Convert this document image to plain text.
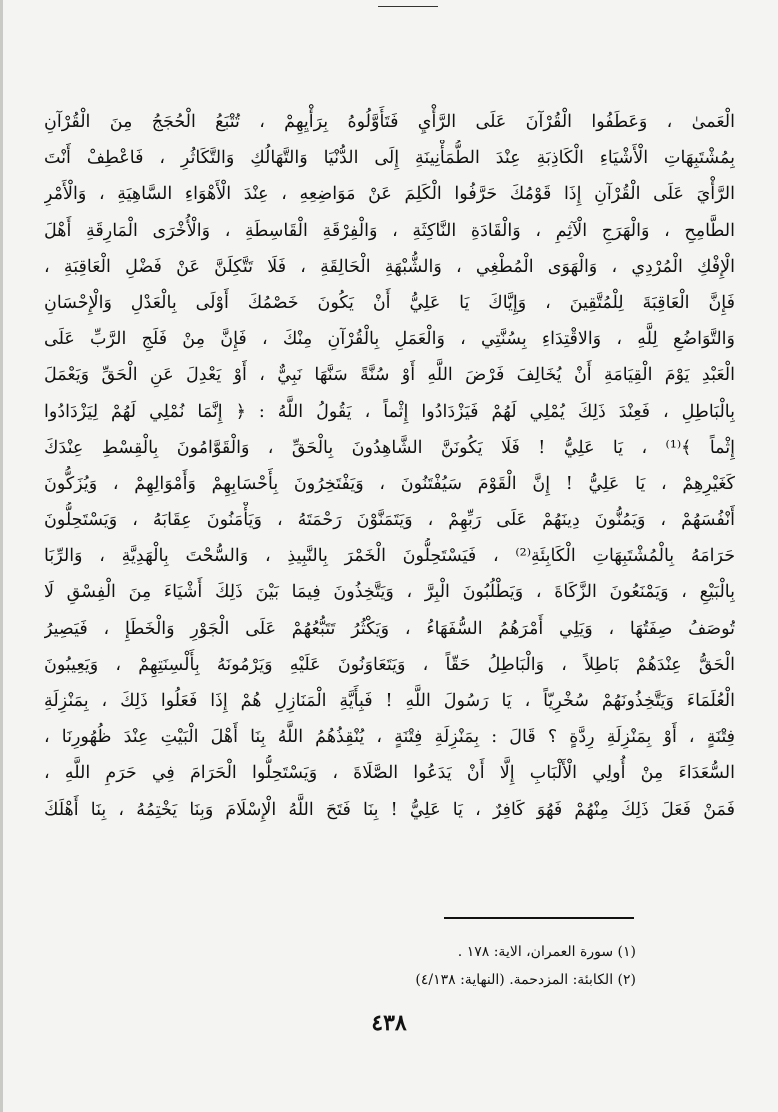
الْعَمىٰ ، وَعَطَفُوا الْقُرْآنَ عَلَى الرَّأْيِ فَتَأَوَّلُوهُ بِرَأْيِهِمْ ، تُتْبَعُ الْحُجَجُ مِنَ الْقُرْآنِ
بِمُشْتَبِهَاتِ الْأَشْيَاءِ الْكَاذِبَةِ عِنْدَ الطُّمَأْنِينَةِ إِلَى الدُّنْيَا وَالتَّهَالُكِ وَالتَّكَاثُرِ ، فَاعْطِفْ أَنْتَ
الرَّأْيَ عَلَى الْقُرْآنِ إِذَا قَوْمُكَ حَرَّفُوا الْكَلِمَ عَنْ مَوَاضِعِهِ ، عِنْدَ الْأَهْوَاءِ السَّاهِيَةِ ، وَالْأَمْرِ
الطَّامِحِ ، وَالْهَرَجِ الْآثِمِ ، وَالْقَادَةِ النَّاكِثَةِ ، وَالْفِرْقَةِ الْقَاسِطَةِ ، وَالْأُخْرَى الْمَارِقَةِ أَهْلَ
الْإِفْكِ الْمُرْدِي ، وَالْهَوَى الْمُطْغِي ، وَالشُّبْهَةِ الْحَالِقَةِ ، فَلَا تَتَّكِلَنَّ عَنْ فَضْلِ الْعَاقِبَةِ ،
فَإِنَّ الْعَاقِبَةَ لِلْمُتَّقِينَ ، وَإِيَّاكَ يَا عَلِيُّ أَنْ يَكُونَ خَصْمُكَ أَوْلَى بِالْعَدْلِ وَالْإِحْسَانِ
وَالتَّوَاضُعِ لِلَّهِ ، وَالاقْتِدَاءِ بِسُنَّتِي ، وَالْعَمَلِ بِالْقُرْآنِ مِنْكَ ، فَإِنَّ مِنْ فَلَجِ الرَّبِّ عَلَى
الْعَبْدِ يَوْمَ الْقِيَامَةِ أَنْ يُخَالِفَ فَرْضَ اللَّهِ أَوْ سُنَّةً سَنَّهَا نَبِيٌّ ، أَوْ يَعْدِلَ عَنِ الْحَقِّ وَيَعْمَلَ
بِالْبَاطِلِ ، فَعِنْدَ ذَلِكَ يُمْلِي لَهُمْ فَيَزْدَادُوا إِثْماً ، يَقُولُ اللَّهُ : ﴿ إِنَّمَا نُمْلِي لَهُمْ لِيَزْدَادُوا
إِثْماً ﴾⁽¹⁾ ، يَا عَلِيُّ ! فَلَا يَكُونَنَّ الشَّاهِدُونَ بِالْحَقِّ ، وَالْقَوَّامُونَ بِالْقِسْطِ عِنْدَكَ
كَغَيْرِهِمْ ، يَا عَلِيُّ ! إِنَّ الْقَوْمَ سَيُفْتَنُونَ ، وَيَفْتَخِرُونَ بِأَحْسَابِهِمْ وَأَمْوَالِهِمْ ، وَيُزَكُّونَ
أَنْفُسَهُمْ ، وَيَمُنُّونَ دِينَهُمْ عَلَى رَبِّهِمْ ، وَيَتَمَنَّوْنَ رَحْمَتَهُ ، وَيَأْمَنُونَ عِقَابَهُ ، وَيَسْتَحِلُّونَ
حَرَامَهُ بِالْمُشْتَبِهَاتِ الْكَابِئَةِ⁽²⁾ ، فَيَسْتَحِلُّونَ الْخَمْرَ بِالنَّبِيذِ ، وَالسُّحْتَ بِالْهَدِيَّةِ ، وَالرِّبَا
بِالْبَيْعِ ، وَيَمْنَعُونَ الزَّكَاةَ ، وَيَطْلُبُونَ الْبِرَّ ، وَيَتَّخِذُونَ فِيمَا بَيْنَ ذَلِكَ أَشْيَاءَ مِنَ الْفِسْقِ لَا
تُوصَفُ صِفَتُهَا ، وَيَلِي أَمْرَهُمُ السُّفَهَاءُ ، وَيَكْثُرُ تَتَبُّعُهُمْ عَلَى الْجَوْرِ وَالْخَطَإِ ، فَيَصِيرُ
الْحَقُّ عِنْدَهُمْ بَاطِلاً ، وَالْبَاطِلُ حَقّاً ، وَيَتَعَاوَنُونَ عَلَيْهِ وَيَرْمُونَهُ بِأَلْسِنَتِهِمْ ، وَيَعِيبُونَ
الْعُلَمَاءَ وَيَتَّخِذُونَهُمْ سُخْرِيّاً ، يَا رَسُولَ اللَّهِ ! فَبِأَيَّةِ الْمَنَازِلِ هُمْ إِذَا فَعَلُوا ذَلِكَ ، بِمَنْزِلَةِ
فِتْنَةٍ ، أَوْ بِمَنْزِلَةِ رِدَّةٍ ؟ قَالَ : بِمَنْزِلَةِ فِتْنَةٍ ، يُنْقِذُهُمُ اللَّهُ بِنَا أَهْلَ الْبَيْتِ عِنْدَ ظُهُورِنَا ،
السُّعَدَاءَ مِنْ أُولِي الْأَلْبَابِ إِلَّا أَنْ يَدَعُوا الصَّلَاةَ ، وَيَسْتَحِلُّوا الْحَرَامَ فِي حَرَمِ اللَّهِ ،
فَمَنْ فَعَلَ ذَلِكَ مِنْهُمْ فَهُوَ كَافِرٌ ، يَا عَلِيُّ ! بِنَا فَتَحَ اللَّهُ الْإِسْلَامَ وَبِنَا يَخْتِمُهُ ، بِنَا أَهْلَكَ
(١) سورة العمران، الاية: ١٧٨ .
(٢) الكابئة: المزدحمة. (النهاية: ٤/١٣٨)
٤٣٨
